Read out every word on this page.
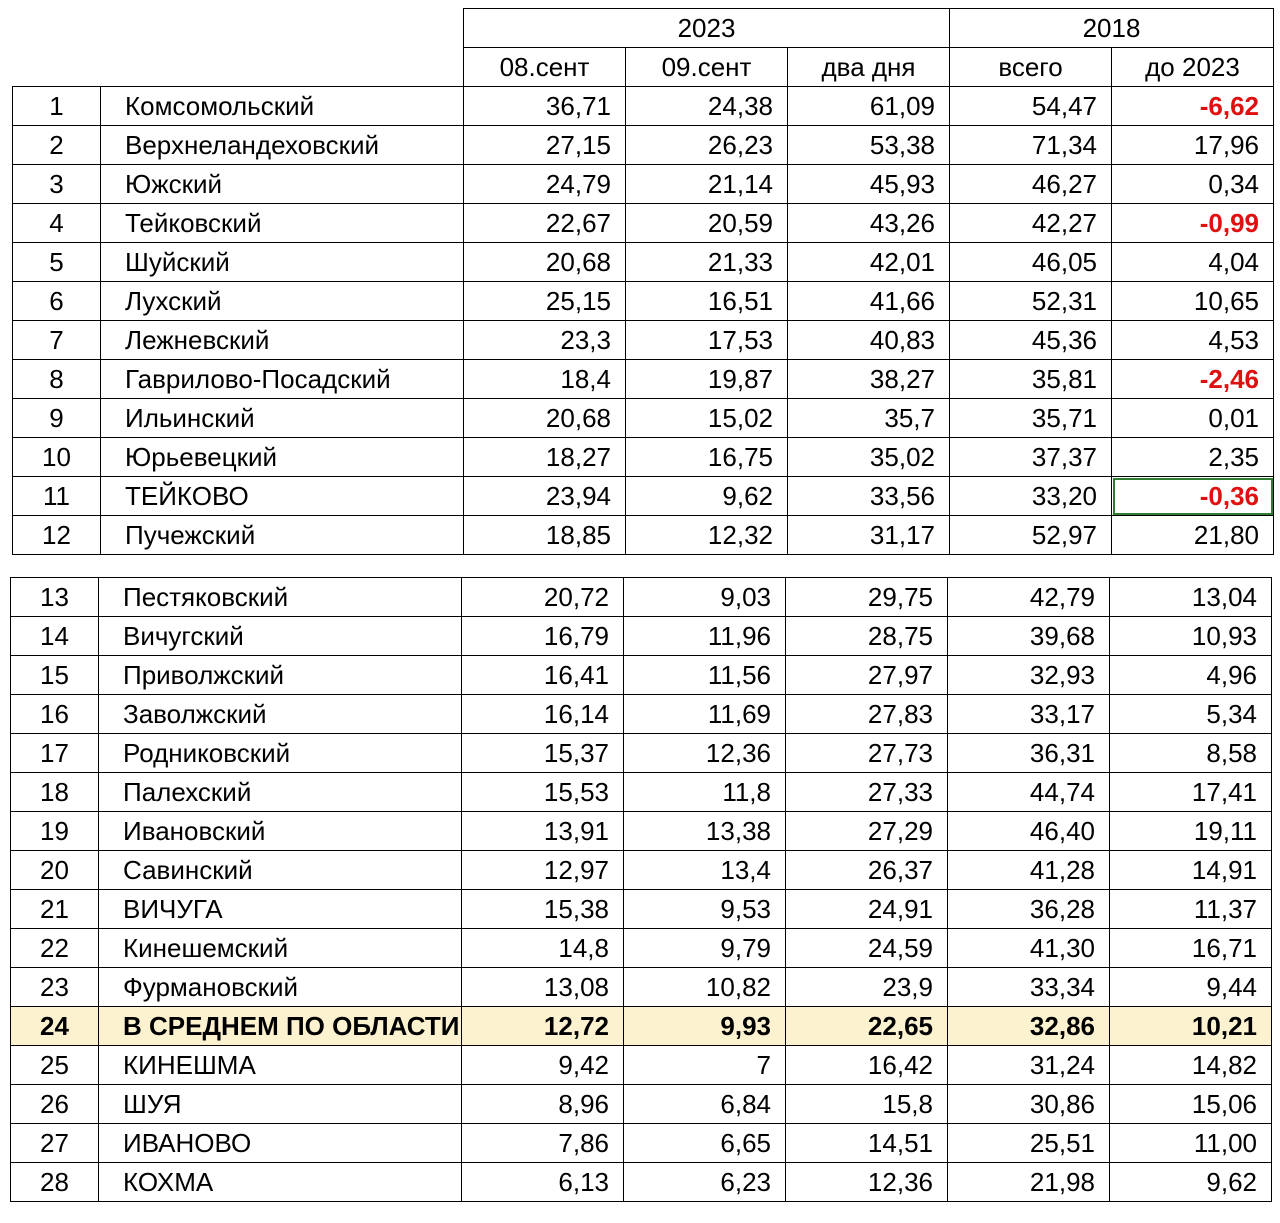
		2023			2018	
		08.сент	09.сент	два дня	всего	до 2023
1	Комсомольский	36,71	24,38	61,09	54,47	-6,62
2	Верхнеландеховский	27,15	26,23	53,38	71,34	17,96
3	Южский	24,79	21,14	45,93	46,27	0,34
4	Тейковский	22,67	20,59	43,26	42,27	-0,99
5	Шуйский	20,68	21,33	42,01	46,05	4,04
6	Лухский	25,15	16,51	41,66	52,31	10,65
7	Лежневский	23,3	17,53	40,83	45,36	4,53
8	Гаврилово-Посадский	18,4	19,87	38,27	35,81	-2,46
9	Ильинский	20,68	15,02	35,7	35,71	0,01
10	Юрьевецкий	18,27	16,75	35,02	37,37	2,35
11	ТЕЙКОВО	23,94	9,62	33,56	33,20	-0,36
12	Пучежский	18,85	12,32	31,17	52,97	21,80
13	Пестяковский	20,72	9,03	29,75	42,79	13,04
14	Вичугский	16,79	11,96	28,75	39,68	10,93
15	Приволжский	16,41	11,56	27,97	32,93	4,96
16	Заволжский	16,14	11,69	27,83	33,17	5,34
17	Родниковский	15,37	12,36	27,73	36,31	8,58
18	Палехский	15,53	11,8	27,33	44,74	17,41
19	Ивановский	13,91	13,38	27,29	46,40	19,11
20	Савинский	12,97	13,4	26,37	41,28	14,91
21	ВИЧУГА	15,38	9,53	24,91	36,28	11,37
22	Кинешемский	14,8	9,79	24,59	41,30	16,71
23	Фурмановский	13,08	10,82	23,9	33,34	9,44
24	В СРЕДНЕМ ПО ОБЛАСТИ	12,72	9,93	22,65	32,86	10,21
25	КИНЕШМА	9,42	7	16,42	31,24	14,82
26	ШУЯ	8,96	6,84	15,8	30,86	15,06
27	ИВАНОВО	7,86	6,65	14,51	25,51	11,00
28	КОХМА	6,13	6,23	12,36	21,98	9,62
